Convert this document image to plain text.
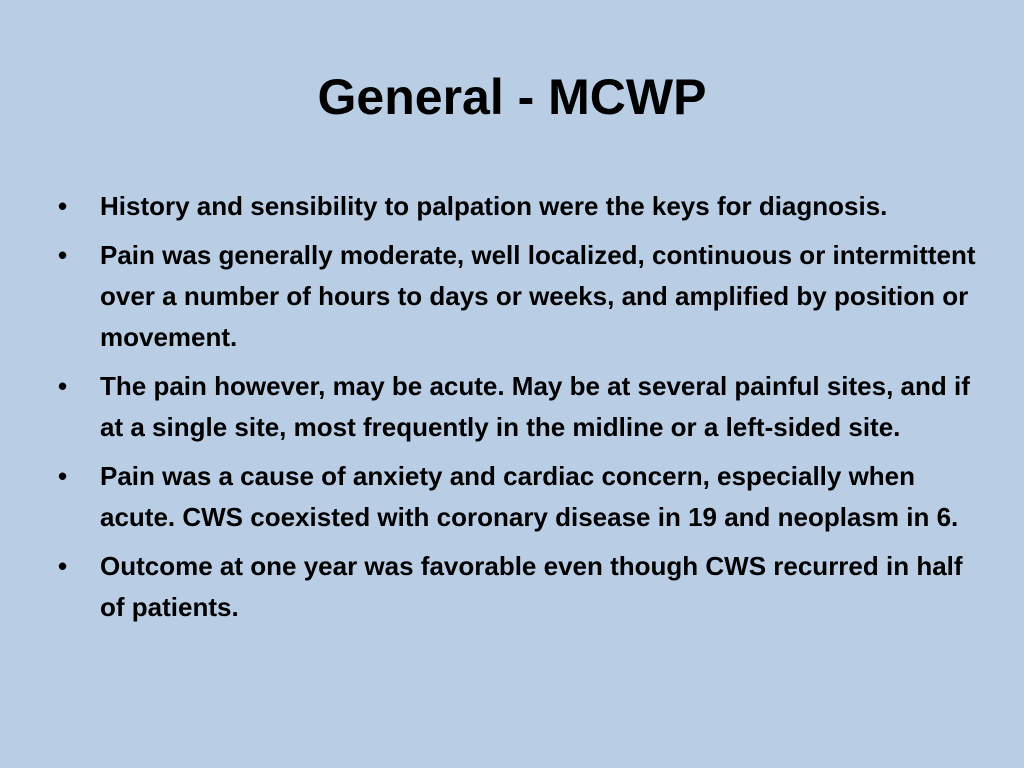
General - MCWP
• History and sensibility to palpation were the keys for diagnosis.
• Pain was generally moderate, well localized, continuous or intermittent over a number of hours to days or weeks, and amplified by position or movement.
• The pain however, may be acute. May be at several painful sites, and if at a single site, most frequently in the midline or a left-sided site.
• Pain was a cause of anxiety and cardiac concern, especially when acute. CWS coexisted with coronary disease in 19 and neoplasm in 6.
• Outcome at one year was favorable even though CWS recurred in half of patients.
